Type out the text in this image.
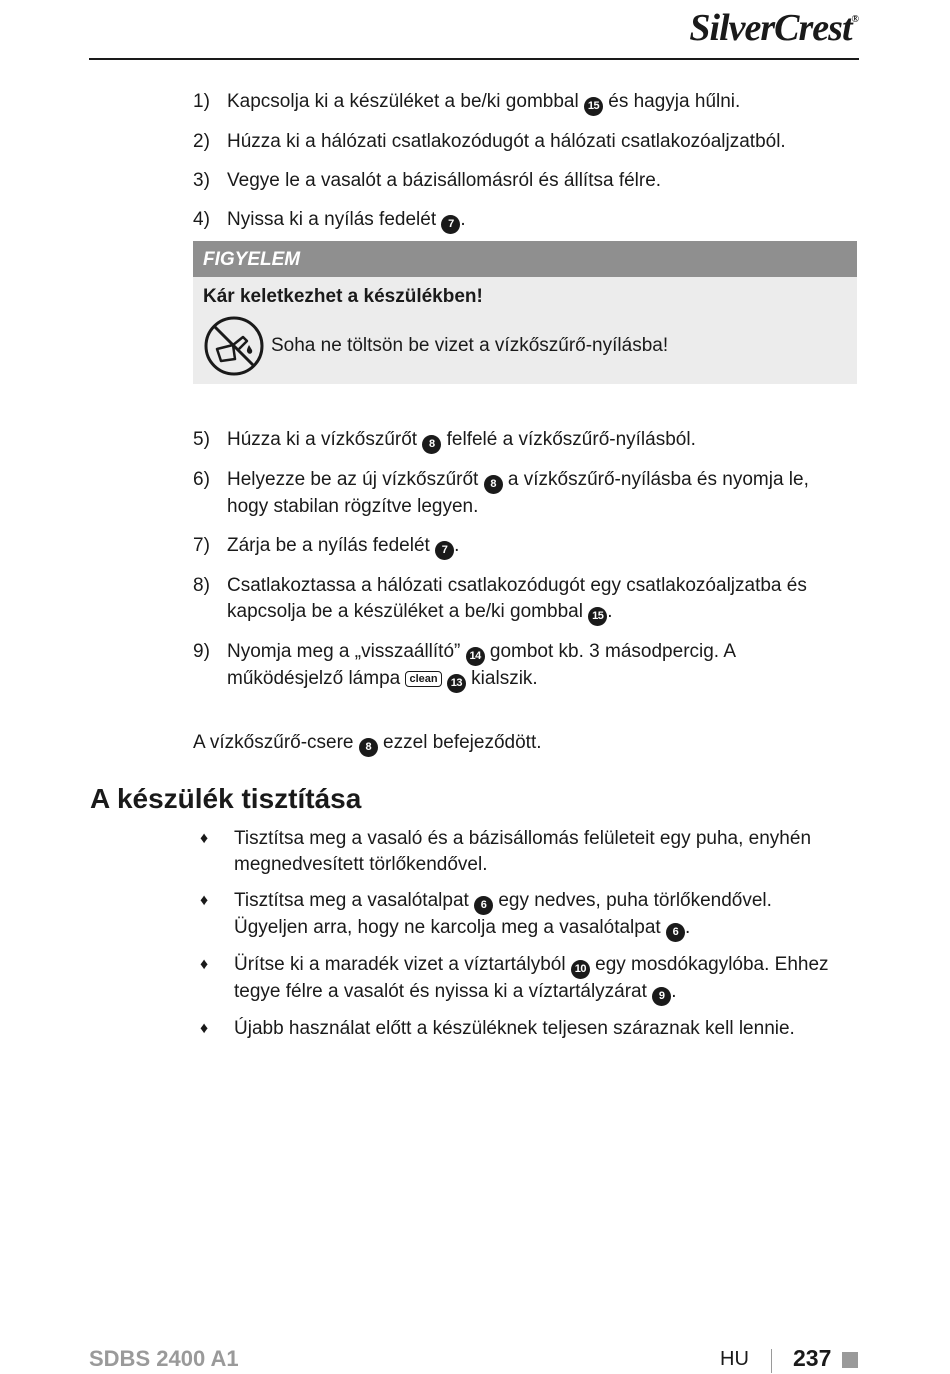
SilverCrest®
1) Kapcsolja ki a készüléket a be/ki gombbal 15 és hagyja hűlni.
2) Húzza ki a hálózati csatlakozódugót a hálózati csatlakozóaljzatból.
3) Vegye le a vasalót a bázisállomásról és állítsa félre.
4) Nyissa ki a nyílás fedelét 7 .
FIGYELEM
Kár keletkezhet a készülékben!
Soha ne töltsön be vizet a vízkőszűrő-nyílásba!
5) Húzza ki a vízkőszűrőt 8 felfelé a vízkőszűrő-nyílásból.
6) Helyezze be az új vízkőszűrőt 8 a vízkőszűrő-nyílásba és nyomja le, hogy stabilan rögzítve legyen.
7) Zárja be a nyílás fedelét 7 .
8) Csatlakoztassa a hálózati csatlakozódugót egy csatlakozóaljzatba és kapcsolja be a készüléket a be/ki gombbal 15 .
9) Nyomja meg a „visszaállító” 14 gombot kb. 3 másodpercig. A működésjelző lámpa clean 13 kialszik.
A vízkőszűrő-csere 8 ezzel befejeződött.
A készülék tisztítása
♦	Tisztítsa meg a vasaló és a bázisállomás felületeit egy puha, enyhén megnedvesített törlőkendővel.
♦	Tisztítsa meg a vasalótalpat 6 egy nedves, puha törlőkendővel. Ügyeljen arra, hogy ne karcolja meg a vasalótalpat 6 .
♦	Ürítse ki a maradék vizet a víztartályból 10 egy mosdókagylóba. Ehhez tegye félre a vasalót és nyissa ki a víztartályzárat 9 .
♦	Újabb használat előtt a készüléknek teljesen száraznak kell lennie.
SDBS 2400 A1	HU 237
